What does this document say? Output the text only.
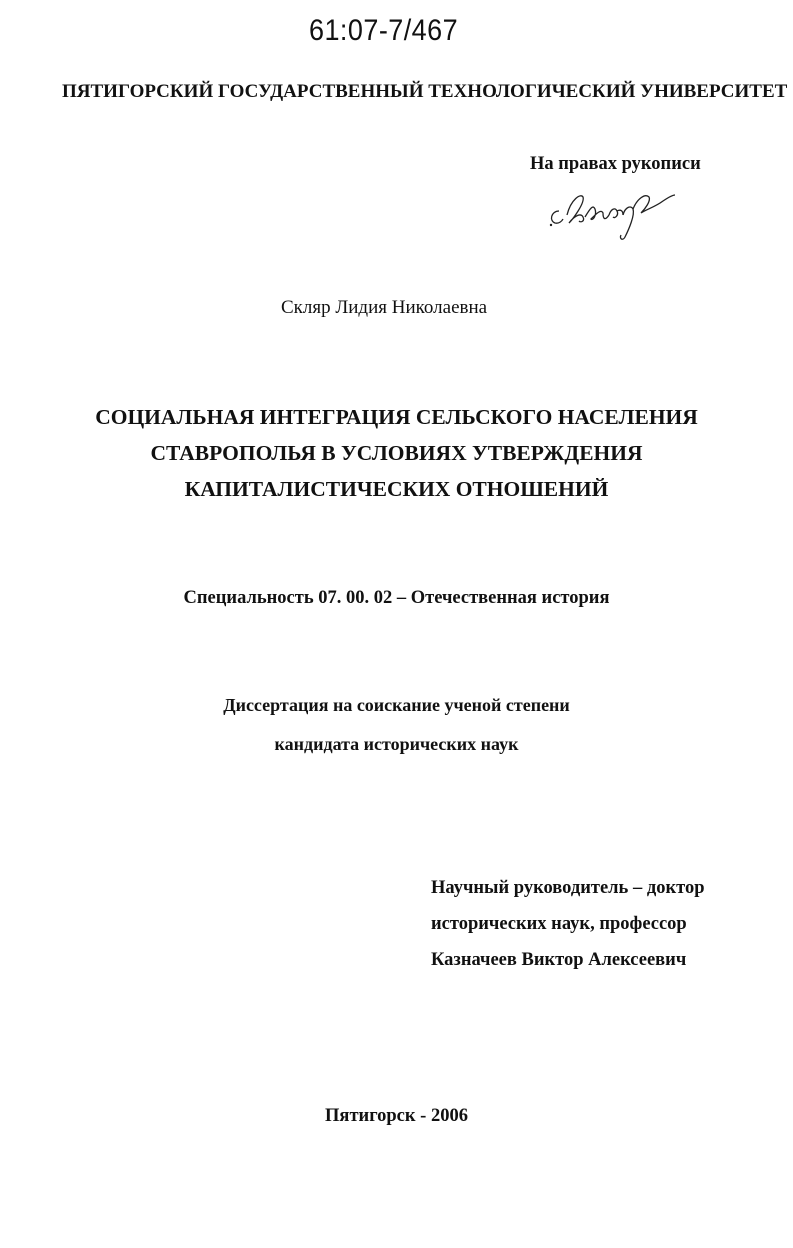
61:07-7/467
ПЯТИГОРСКИЙ ГОСУДАРСТВЕННЫЙ ТЕХНОЛОГИЧЕСКИЙ УНИВЕРСИТЕТ
На правах рукописи
Скляр Лидия Николаевна
СОЦИАЛЬНАЯ ИНТЕГРАЦИЯ СЕЛЬСКОГО НАСЕЛЕНИЯ
СТАВРОПОЛЬЯ В УСЛОВИЯХ УТВЕРЖДЕНИЯ
КАПИТАЛИСТИЧЕСКИХ ОТНОШЕНИЙ
Специальность 07. 00. 02 – Отечественная история
Диссертация на соискание ученой степени
кандидата исторических наук
Научный руководитель – доктор
исторических наук, профессор
Казначеев Виктор Алексеевич
Пятигорск - 2006
